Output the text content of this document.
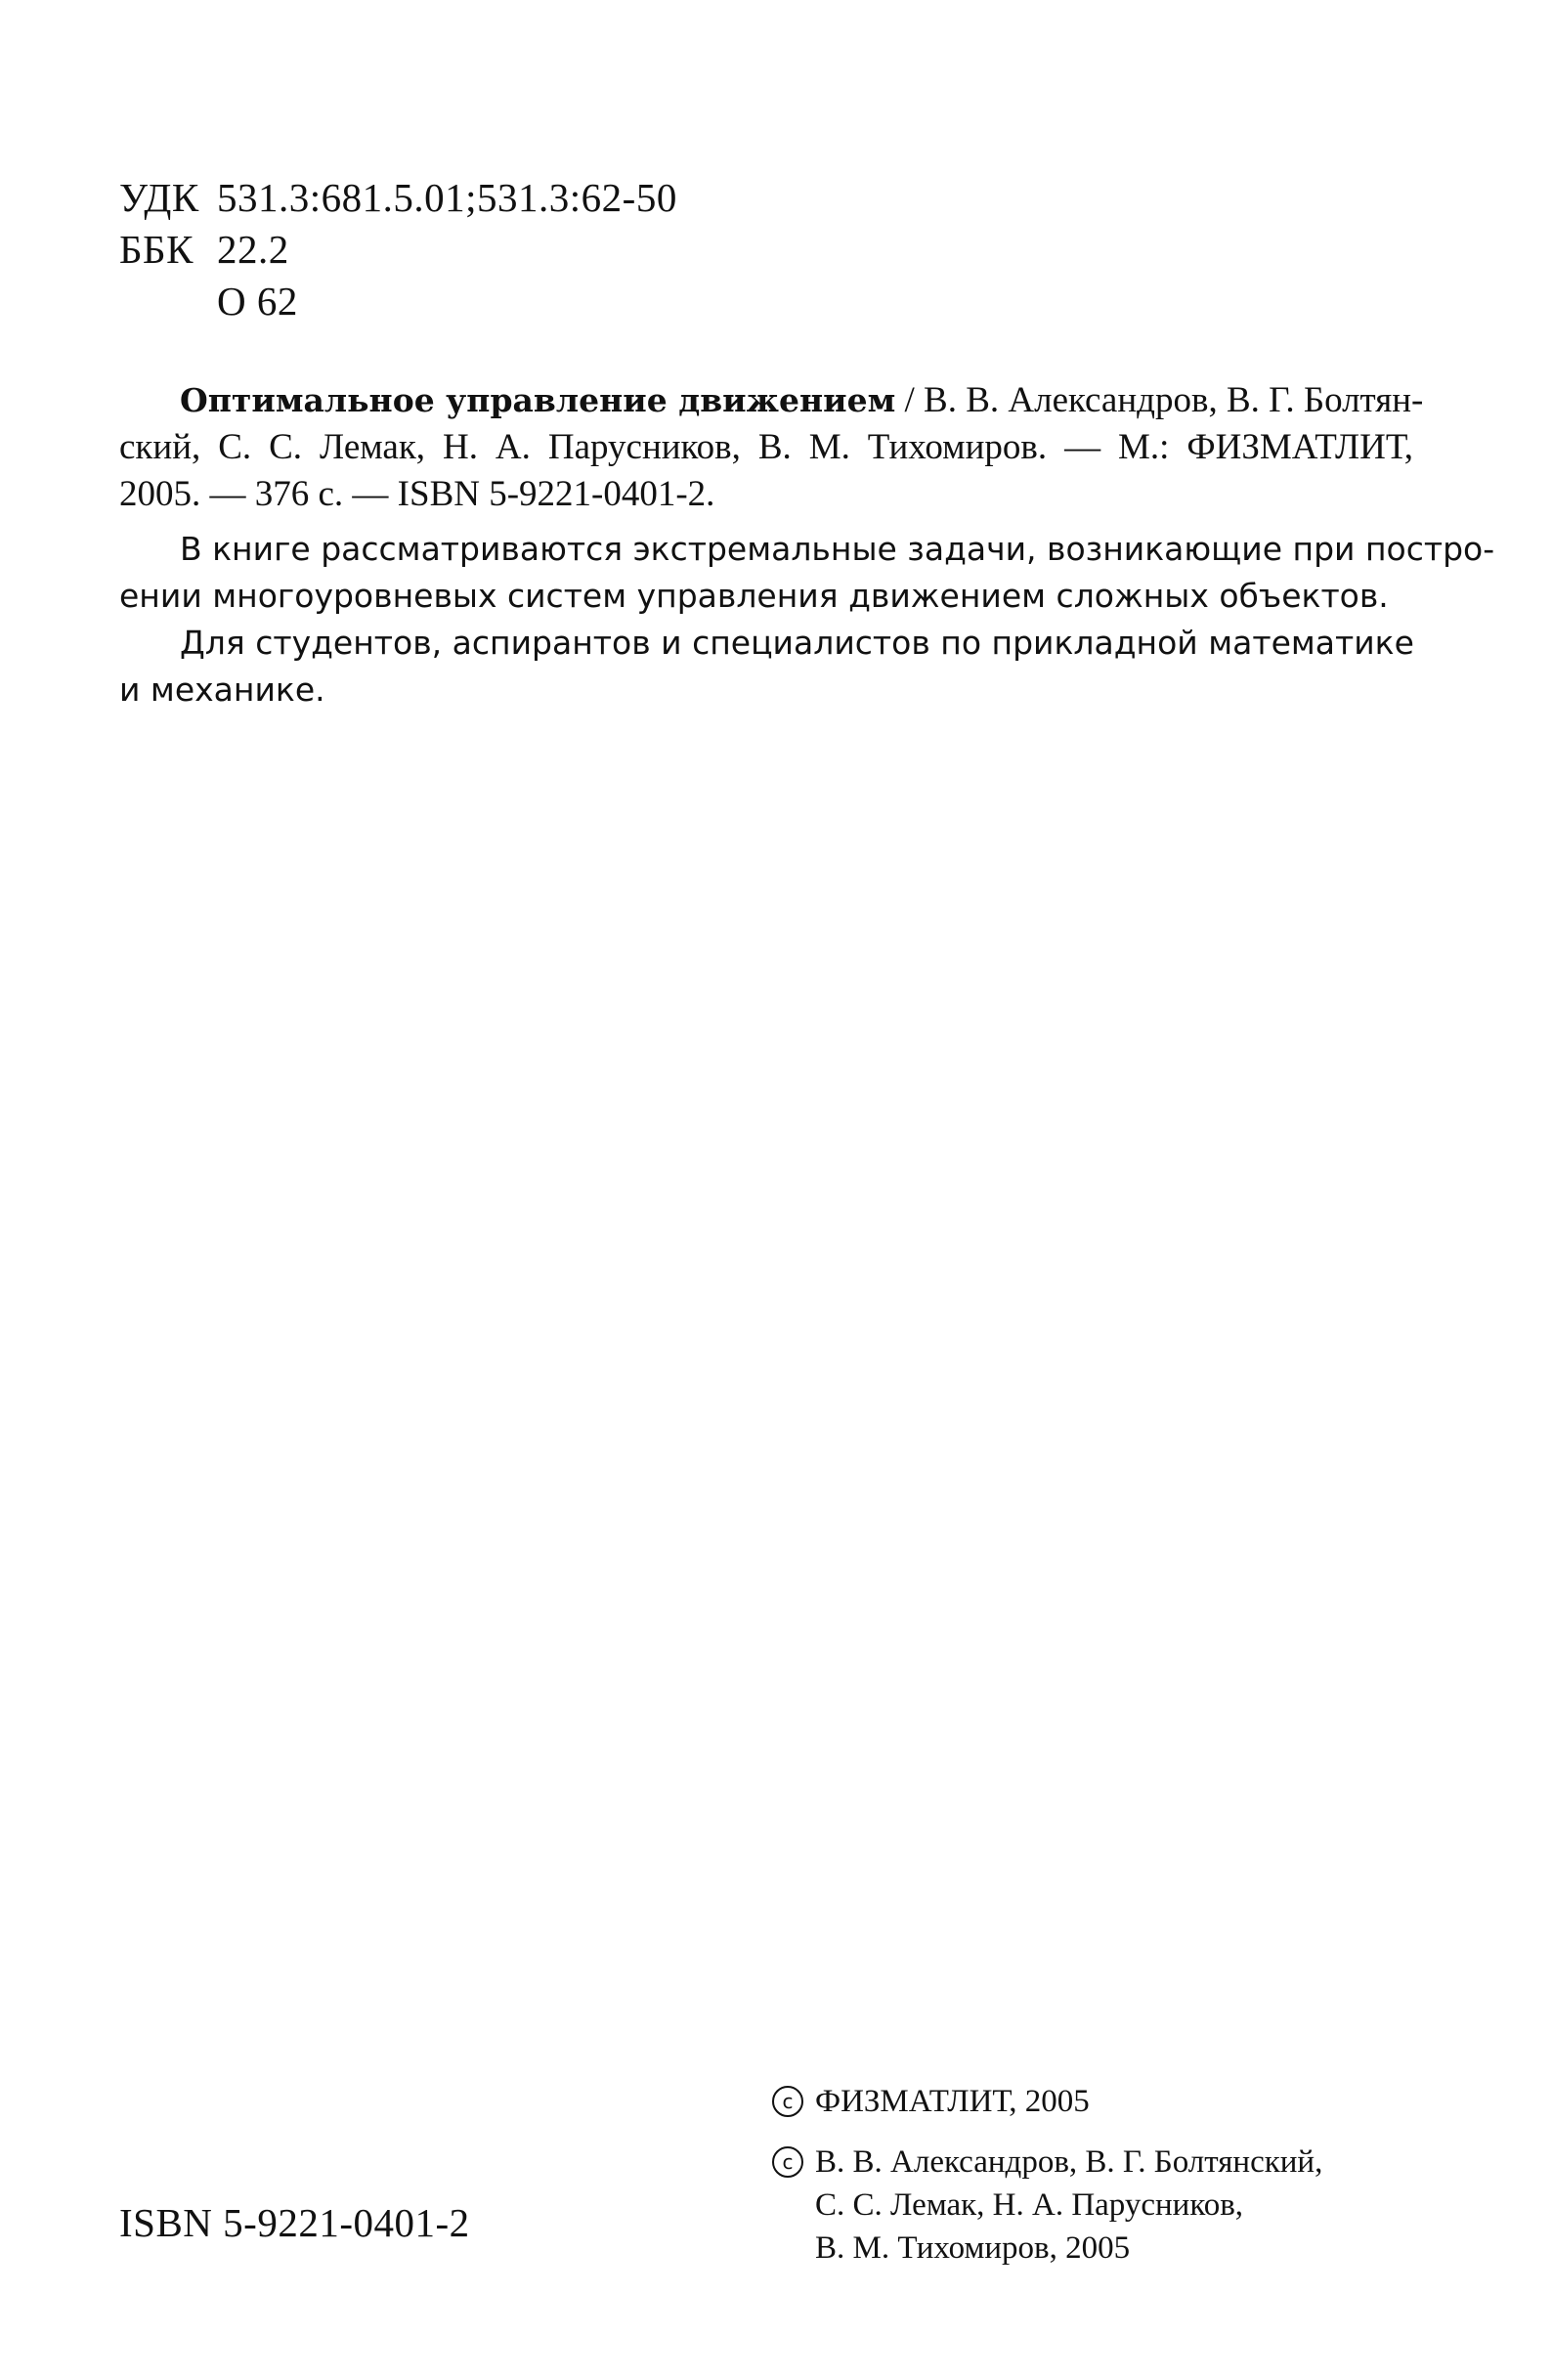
УДК 531.3:681.5.01;531.3:62-50
ББК 22.2
О 62
Оптимальное управление движением / В. В. Александров, В. Г. Болтян-
ский, С. С. Лемак, Н. А. Парусников, В. М. Тихомиров. — М.: ФИЗМАТЛИТ,
2005. — 376 с. — ISBN 5-9221-0401-2.
В книге рассматриваются экстремальные задачи, возникающие при постро-
ении многоуровневых систем управления движением сложных объектов.
Для студентов, аспирантов и специалистов по прикладной математике
и механике.
ISBN 5-9221-0401-2
c ФИЗМАТЛИТ, 2005
c В. В. Александров, В. Г. Болтянский,
С. С. Лемак, Н. А. Парусников,
В. М. Тихомиров, 2005
